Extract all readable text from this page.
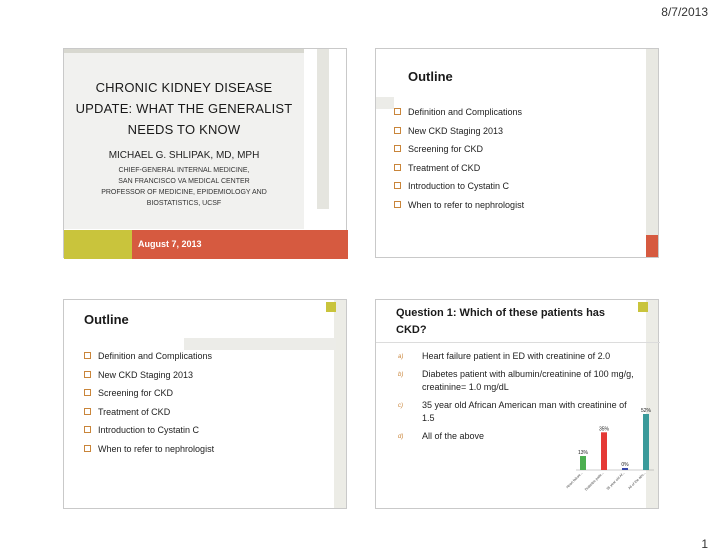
8/7/2013
CHRONIC KIDNEY DISEASE
UPDATE: WHAT THE GENERALIST
NEEDS TO KNOW
MICHAEL G. SHLIPAK, MD, MPH
CHIEF-GENERAL INTERNAL MEDICINE,
SAN FRANCISCO VA MEDICAL CENTER
PROFESSOR OF MEDICINE, EPIDEMIOLOGY AND
BIOSTATISTICS, UCSF
August 7, 2013
Outline
Definition and Complications
New CKD Staging 2013
Screening for CKD
Treatment of CKD
Introduction to Cystatin C
When to refer to nephrologist
Outline
Definition and Complications
New CKD Staging 2013
Screening for CKD
Treatment of CKD
Introduction to Cystatin C
When to refer to nephrologist
Question 1: Which of these patients has CKD?
a) Heart failure patient in ED with creatinine of 2.0
b) Diabetes patient with albumin/creatinine of 100 mg/g, creatinine= 1.0 mg/dL
c) 35 year old African American man with creatinine of 1.5
d) All of the above
13%
Heart failure...
35%
Diabetes patie...
0%
35 year old Af...
52%
All of the abo...
1
